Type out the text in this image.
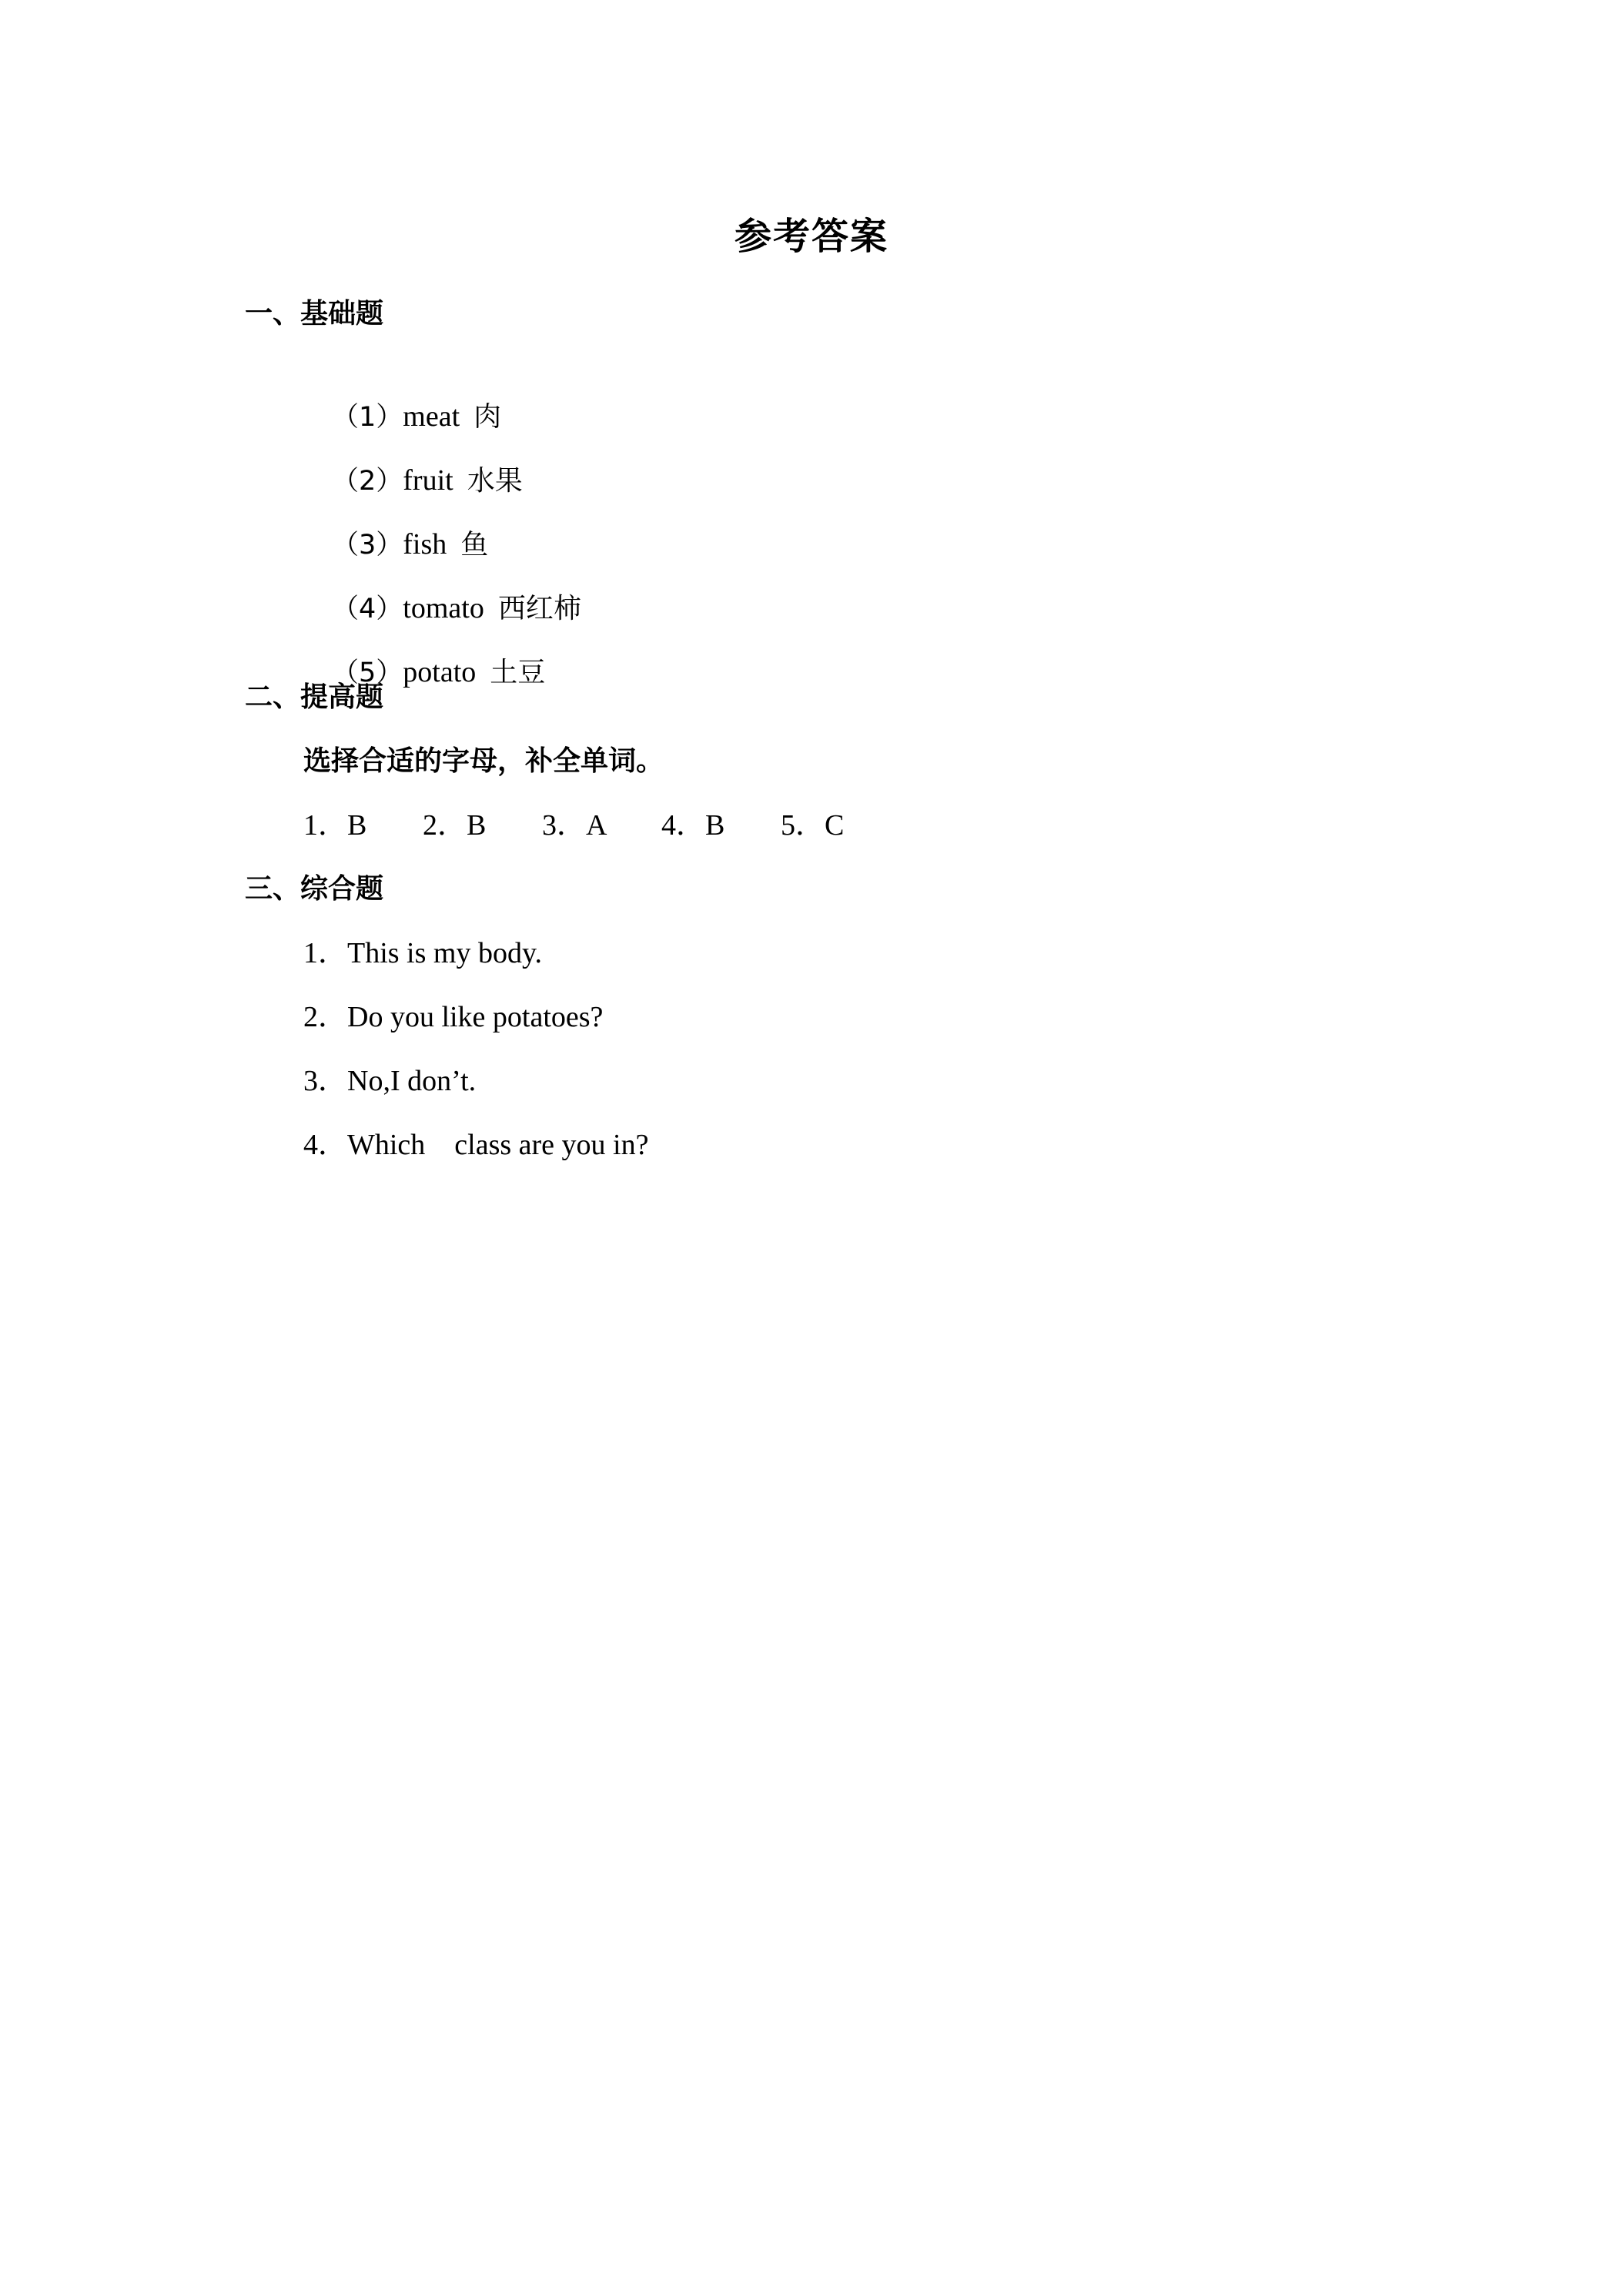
参考答案
一、基础题

（1）meat 肉

（2）fruit 水果

（3）fish 鱼

（4）tomato 西红柿

（5）potato 土豆

二、提高题
选择合适的字母，补全单词。
1．B	2．B	3．A	4．B	5．C
三、综合题
1．This is my body.
2．Do you like potatoes?
3．No,I don’t.
4．Which　class are you in?
